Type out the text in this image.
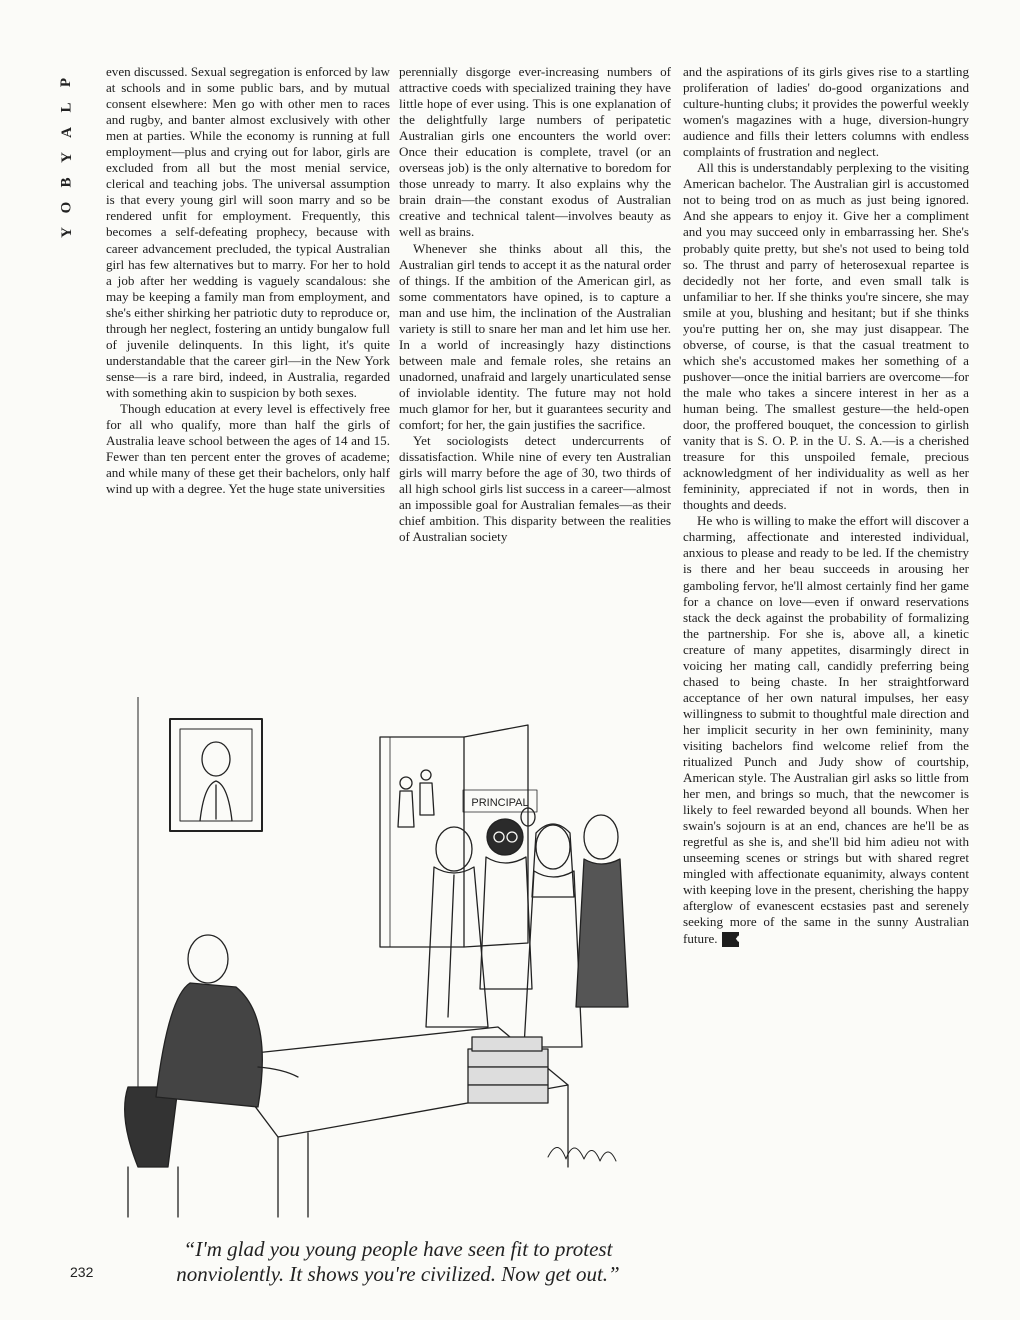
P
L
A
Y
B
O
Y

even discussed. Sexual segregation is enforced by law at schools and in some public bars, and by mutual consent elsewhere: Men go with other men to races and rugby, and banter almost exclusively with other men at parties. While the economy is running at full employment—plus and crying out for labor, girls are excluded from all but the most menial service, clerical and teaching jobs. The universal assumption is that every young girl will soon marry and so be rendered unfit for employment. Frequently, this becomes a self-defeating prophecy, because with career advancement precluded, the typical Australian girl has few alternatives but to marry. For her to hold a job after her wedding is vaguely scandalous: she may be keeping a family man from employment, and she's either shirking her patriotic duty to reproduce or, through her neglect, fostering an untidy bungalow full of juvenile delinquents. In this light, it's quite understandable that the career girl—in the New York sense—is a rare bird, indeed, in Australia, regarded with something akin to suspicion by both sexes.

Though education at every level is effectively free for all who qualify, more than half the girls of Australia leave school between the ages of 14 and 15. Fewer than ten percent enter the groves of academe; and while many of these get their bachelors, only half wind up with a degree. Yet the huge state universities

perennially disgorge ever-increasing numbers of attractive coeds with specialized training they have little hope of ever using. This is one explanation of the delightfully large numbers of peripatetic Australian girls one encounters the world over: Once their education is complete, travel (or an overseas job) is the only alternative to boredom for those unready to marry. It also explains why the brain drain—the constant exodus of Australian creative and technical talent—involves beauty as well as brains.

Whenever she thinks about all this, the Australian girl tends to accept it as the natural order of things. If the ambition of the American girl, as some commentators have opined, is to capture a man and use him, the inclination of the Australian variety is still to snare her man and let him use her. In a world of increasingly hazy distinctions between male and female roles, she retains an unadorned, unafraid and largely unarticulated sense of inviolable identity. The future may not hold much glamor for her, but it guarantees security and comfort; for her, the gain justifies the sacrifice.

Yet sociologists detect undercurrents of dissatisfaction. While nine of every ten Australian girls will marry before the age of 30, two thirds of all high school girls list success in a career—almost an impossible goal for Australian females—as their chief ambition. This disparity between the realities of Australian society

and the aspirations of its girls gives rise to a startling proliferation of ladies' do-good organizations and culture-hunting clubs; it provides the powerful weekly women's magazines with a huge, diversion-hungry audience and fills their letters columns with endless complaints of frustration and neglect.

All this is understandably perplexing to the visiting American bachelor. The Australian girl is accustomed not to being trod on as much as just being ignored. And she appears to enjoy it. Give her a compliment and you may succeed only in embarrassing her. She's probably quite pretty, but she's not used to being told so. The thrust and parry of heterosexual repartee is decidedly not her forte, and even small talk is unfamiliar to her. If she thinks you're sincere, she may smile at you, blushing and hesitant; but if she thinks you're putting her on, she may just disappear. The obverse, of course, is that the casual treatment to which she's accustomed makes her something of a pushover—once the initial barriers are overcome—for the male who takes a sincere interest in her as a human being. The smallest gesture—the held-open door, the proffered bouquet, the concession to girlish vanity that is S. O. P. in the U. S. A.—is a cherished treasure for this unspoiled female, precious acknowledgment of her individuality as well as her femininity, appreciated if not in words, then in thoughts and deeds.

He who is willing to make the effort will discover a charming, affectionate and interested individual, anxious to please and ready to be led. If the chemistry is there and her beau succeeds in arousing her gamboling fervor, he'll almost certainly find her game for a chance on love—even if onward reservations stack the deck against the probability of formalizing the partnership. For she is, above all, a kinetic creature of many appetites, disarmingly direct in voicing her mating call, candidly preferring being chased to being chaste. In her straightforward acceptance of her own natural impulses, her easy willingness to submit to thoughtful male direction and her implicit security in her own femininity, many visiting bachelors find welcome relief from the ritualized Punch and Judy show of courtship, American style. The Australian girl asks so little from her men, and brings so much, that the newcomer is likely to feel rewarded beyond all bounds. When her swain's sojourn is at an end, chances are he'll be as regretful as she is, and she'll bid him adieu not with unseeming scenes or strings but with shared regret mingled with affectionate equanimity, always content with keeping love in the present, cherishing the happy afterglow of evanescent ecstasies past and serenely seeking more of the same in the sunny Australian future. ♦

PRINCIPAL
“I'm glad you young people have seen fit to protest nonviolently. It shows you're civilized. Now get out.”
232
